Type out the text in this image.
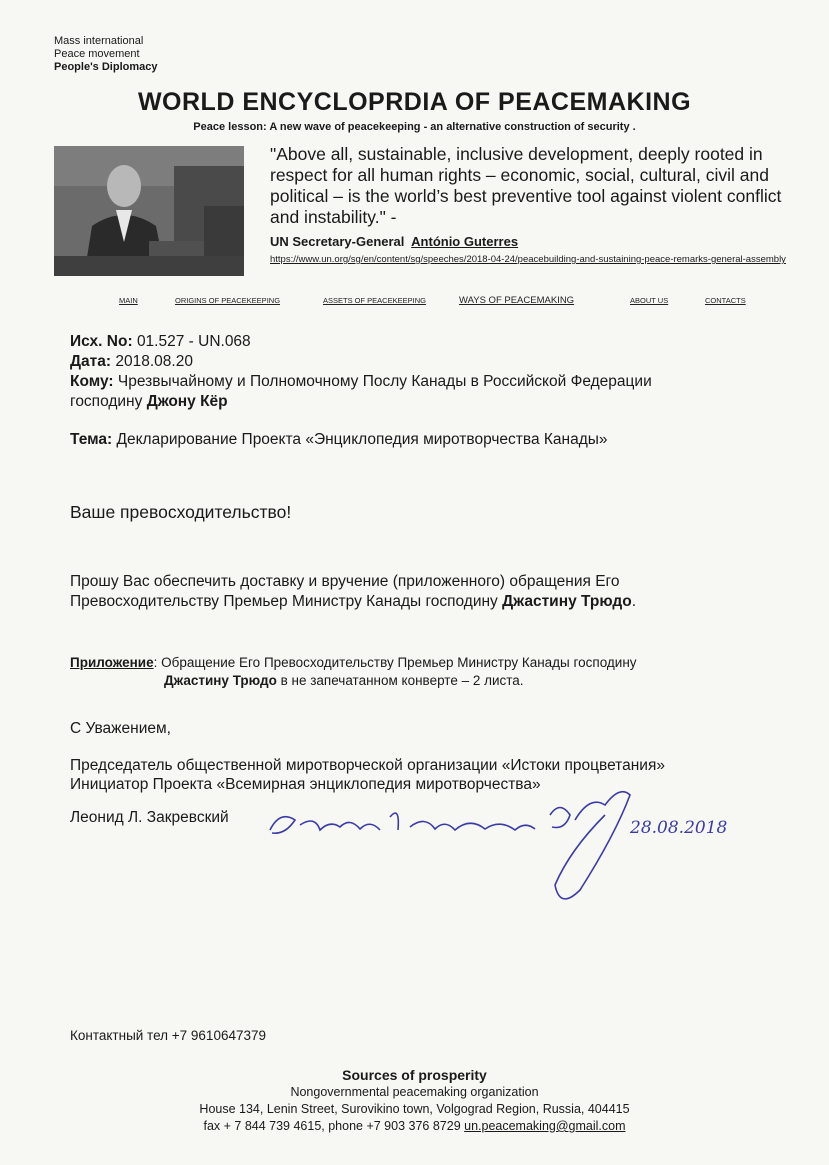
Mass international
Peace movement
People's Diplomacy
WORLD ENCYCLOPRDIA OF PEACEMAKING
Peace lesson: A new wave of peacekeeping - an alternative construction of security .
"Above all, sustainable, inclusive development, deeply rooted in respect for all human rights – economic, social, cultural, civil and political – is the world’s best preventive tool against violent conflict and instability." -
UN Secretary-General António Guterres
https://www.un.org/sg/en/content/sg/speeches/2018-04-24/peacebuilding-and-sustaining-peace-remarks-general-assembly
MAIN	ORIGINS OF PEACEKEEPING	ASSETS OF PEACEKEEPING	WAYS OF PEACEMAKING	ABOUT US	CONTACTS
Исх. No: 01.527 - UN.068
Дата: 2018.08.20
Кому: Чрезвычайному и Полномочному Послу Канады в Российской Федерации
господину Джону Кёр
Тема: Декларирование Проекта «Энциклопедия миротворчества Канады»
Ваше превосходительство!
Прошу Вас обеспечить доставку и вручение (приложенного) обращения Его
Превосходительству Премьер Министру Канады господину Джастину Трюдо.
Приложение: Обращение Его Превосходительству Премьер Министру Канады господину
Джастину Трюдо в не запечатанном конверте – 2 листа.
С Уважением,
Председатель общественной миротворческой организации «Истоки процветания»
Инициатор Проекта «Всемирная энциклопедия миротворчества»
Леонид Л. Закревский
28.08.2018
Контактный тел +7 9610647379
Sources of prosperity
Nongovernmental peacemaking organization
House 134, Lenin Street, Surovikino town, Volgograd Region, Russia, 404415
fax + 7 844 739 4615, phone +7 903 376 8729 un.peacemaking@gmail.com
